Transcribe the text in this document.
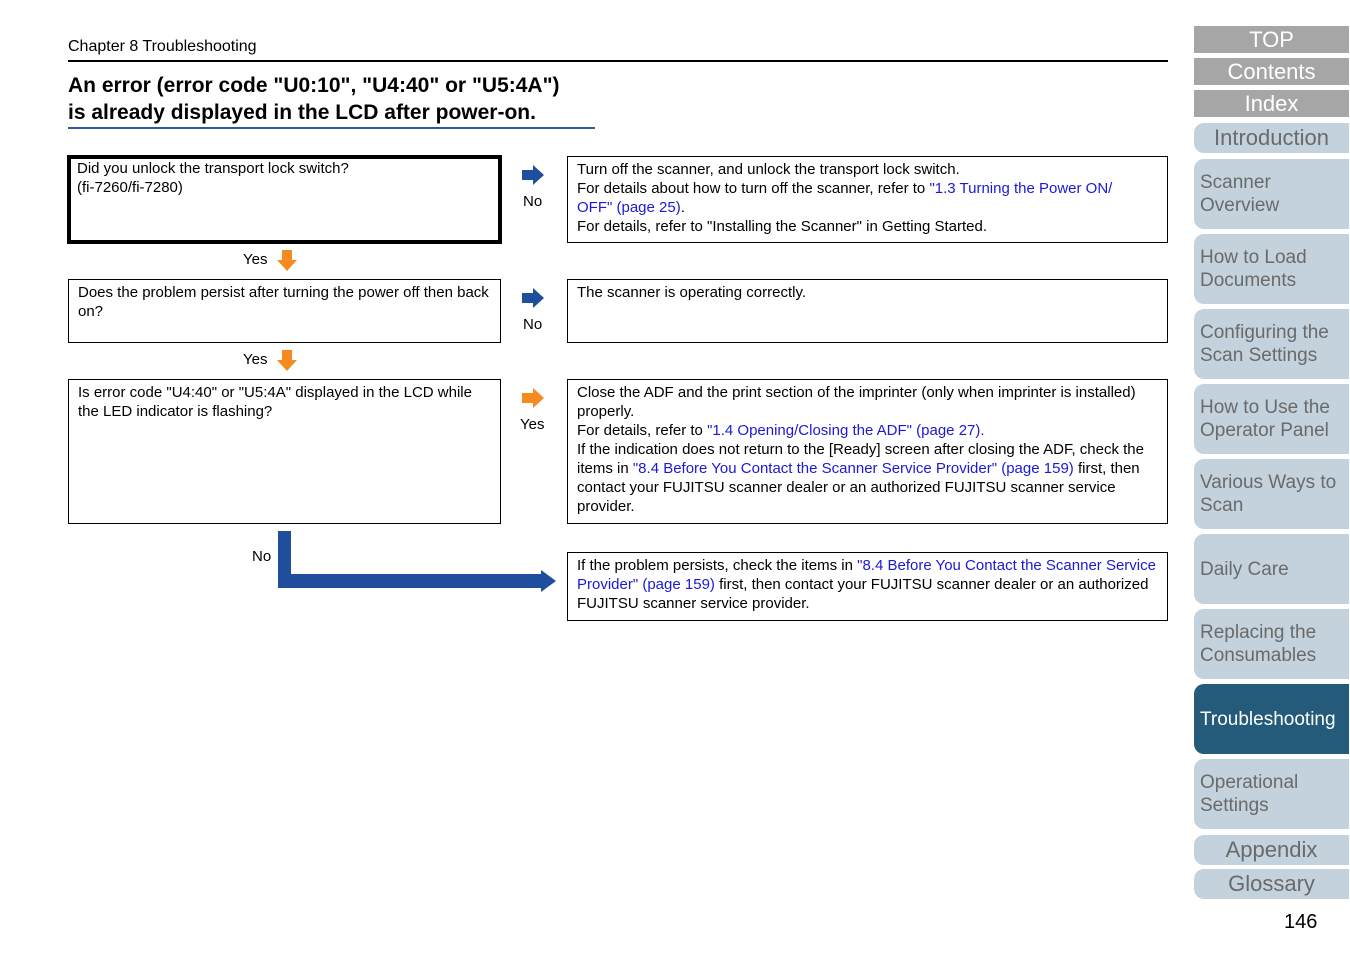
Chapter 8 Troubleshooting
An error (error code "U0:10", "U4:40" or "U5:4A")
is already displayed in the LCD after power-on.
Did you unlock the transport lock switch?
(fi-7260/fi-7280)
No
Turn off the scanner, and unlock the transport lock switch.
For details about how to turn off the scanner, refer to "1.3 Turning the Power ON/
OFF" (page 25).
For details, refer to "Installing the Scanner" in Getting Started.
Yes
Does the problem persist after turning the power off then back on?
No
The scanner is operating correctly.
Yes
Is error code "U4:40" or "U5:4A" displayed in the LCD while the LED indicator is flashing?
Yes
Close the ADF and the print section of the imprinter (only when imprinter is installed) properly.
For details, refer to "1.4 Opening/Closing the ADF" (page 27).
If the indication does not return to the [Ready] screen after closing the ADF, check the items in "8.4 Before You Contact the Scanner Service Provider" (page 159) first, then contact your FUJITSU scanner dealer or an authorized FUJITSU scanner service provider.
No
If the problem persists, check the items in "8.4 Before You Contact the Scanner Service Provider" (page 159) first, then contact your FUJITSU scanner dealer or an authorized FUJITSU scanner service provider.
TOP
Contents
Index
Introduction
Scanner Overview
How to Load Documents
Configuring the Scan Settings
How to Use the Operator Panel
Various Ways to Scan
Daily Care
Replacing the Consumables
Troubleshooting
Operational Settings
Appendix
Glossary
146
